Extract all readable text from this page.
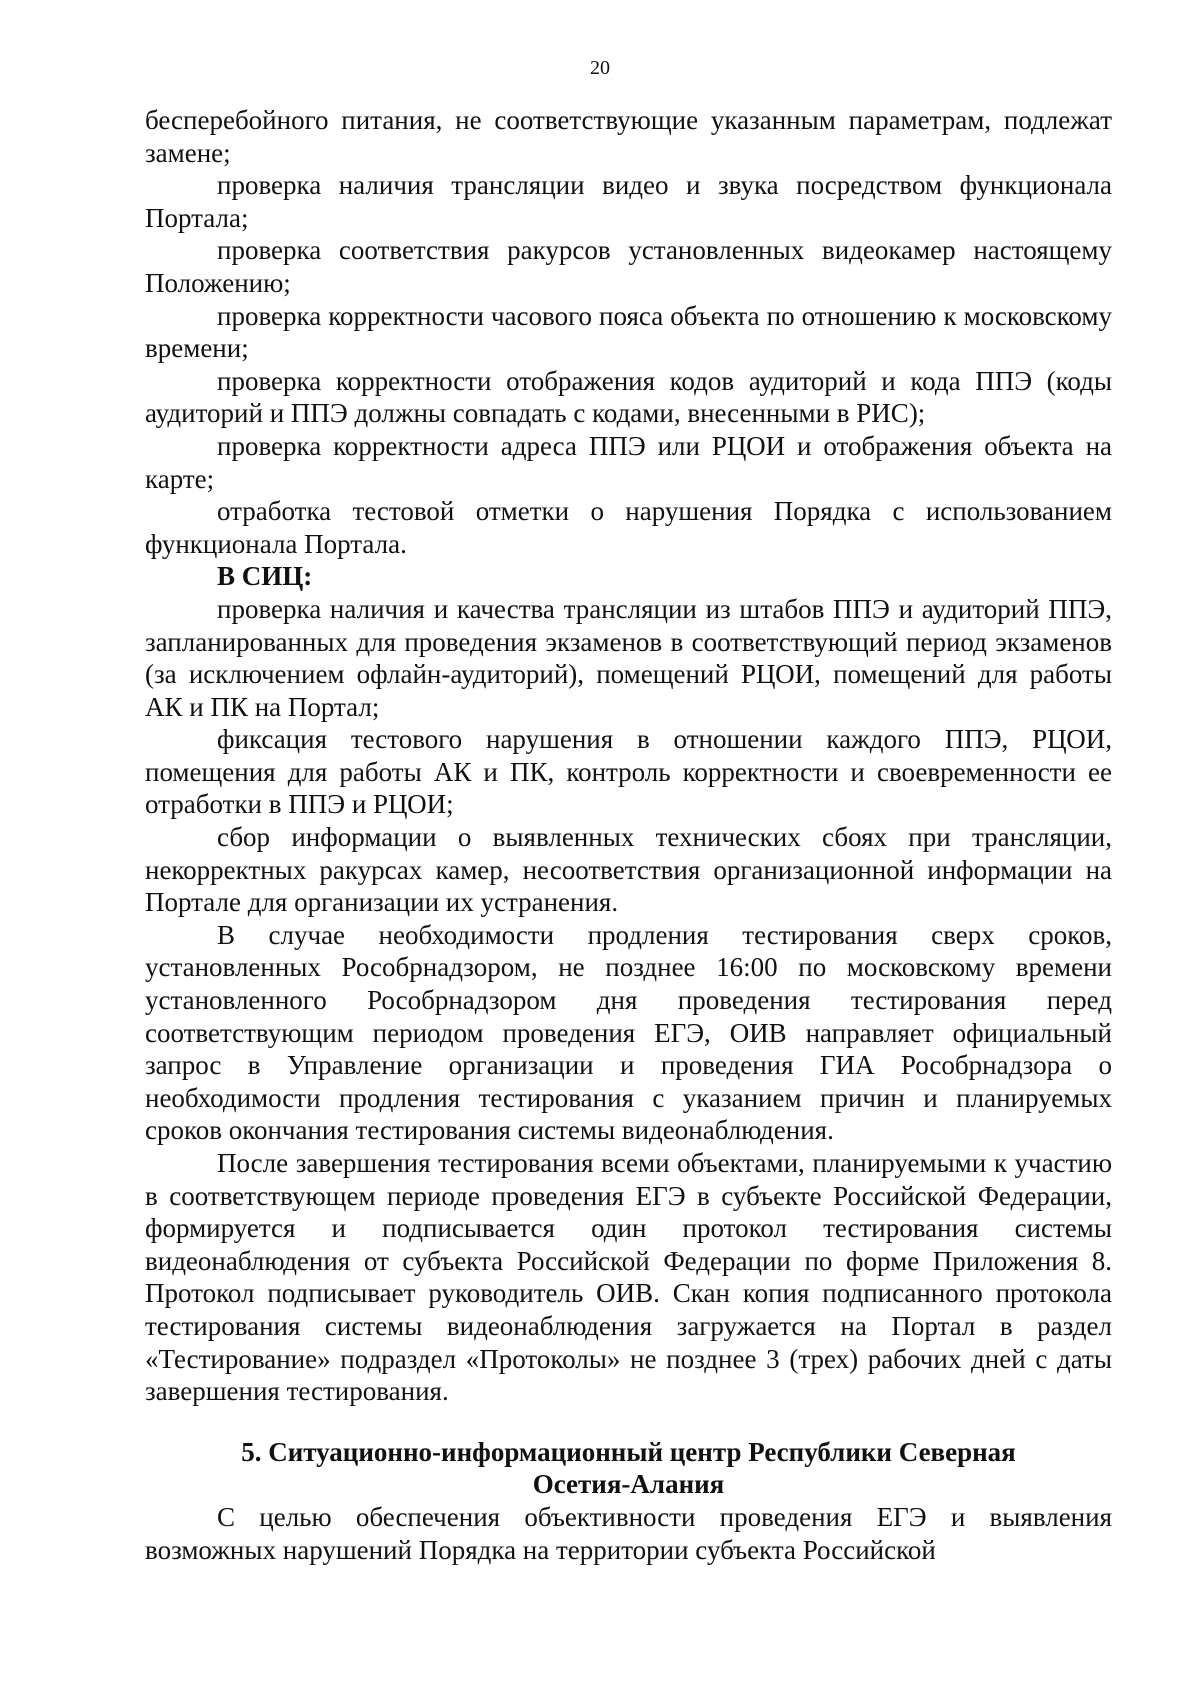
20

бесперебойного питания, не соответствующие указанным параметрам, подлежат замене;

проверка наличия трансляции видео и звука посредством функционала Портала;

проверка соответствия ракурсов установленных видеокамер настоящему Положению;

проверка корректности часового пояса объекта по отношению к московскому времени;

проверка корректности отображения кодов аудиторий и кода ППЭ (коды аудиторий и ППЭ должны совпадать с кодами, внесенными в РИС);

проверка корректности адреса ППЭ или РЦОИ и отображения объекта на карте;

отработка тестовой отметки о нарушения Порядка с использованием функционала Портала.

В СИЦ:

проверка наличия и качества трансляции из штабов ППЭ и аудиторий ППЭ, запланированных для проведения экзаменов в соответствующий период экзаменов (за исключением офлайн-аудиторий), помещений РЦОИ, помещений для работы АК и ПК на Портал;

фиксация тестового нарушения в отношении каждого ППЭ, РЦОИ, помещения для работы АК и ПК, контроль корректности и своевременности ее отработки в ППЭ и РЦОИ;

сбор информации о выявленных технических сбоях при трансляции, некорректных ракурсах камер, несоответствия организационной информации на Портале для организации их устранения.

В случае необходимости продления тестирования сверх сроков, установленных Рособрнадзором, не позднее 16:00 по московскому времени установленного Рособрнадзором дня проведения тестирования перед соответствующим периодом проведения ЕГЭ, ОИВ направляет официальный запрос в Управление организации и проведения ГИА Рособрнадзора о необходимости продления тестирования с указанием причин и планируемых сроков окончания тестирования системы видеонаблюдения.

После завершения тестирования всеми объектами, планируемыми к участию в соответствующем периоде проведения ЕГЭ в субъекте Российской Федерации, формируется и подписывается один протокол тестирования системы видеонаблюдения от субъекта Российской Федерации по форме Приложения 8. Протокол подписывает руководитель ОИВ. Скан копия подписанного протокола тестирования системы видеонаблюдения загружается на Портал в раздел «Тестирование» подраздел «Протоколы» не позднее 3 (трех) рабочих дней с даты завершения тестирования.

5. Ситуационно-информационный центр Республики Северная
Осетия-Алания

С целью обеспечения объективности проведения ЕГЭ и выявления возможных нарушений Порядка на территории субъекта Российской
